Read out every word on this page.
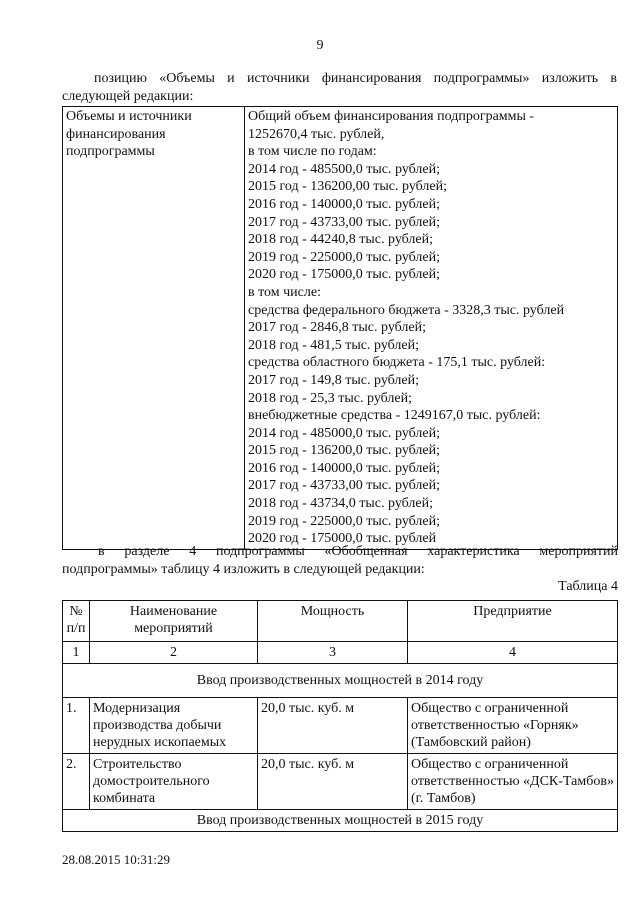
9

позицию «Объемы и источники финансирования подпрограммы» изложить в следующей редакции:

Объемы и источники финансирования подпрограммы	
Общий объем финансирования подпрограммы -
1252670,4 тыс. рублей,
в том числе по годам:
2014 год - 485500,0 тыс. рублей;
2015 год - 136200,00 тыс. рублей;
2016 год - 140000,0 тыс. рублей;
2017 год - 43733,00 тыс. рублей;
2018 год - 44240,8 тыс. рублей;
2019 год - 225000,0 тыс. рублей;
2020 год - 175000,0 тыс. рублей;
в том числе:
средства федерального бюджета - 3328,3 тыс. рублей
2017 год - 2846,8 тыс. рублей;
2018 год - 481,5 тыс. рублей;
средства областного бюджета - 175,1 тыс. рублей:
2017 год - 149,8 тыс. рублей;
2018 год - 25,3 тыс. рублей;
внебюджетные средства - 1249167,0 тыс. рублей:
2014 год - 485000,0 тыс. рублей;
2015 год - 136200,0 тыс. рублей;
2016 год - 140000,0 тыс. рублей;
2017 год - 43733,00 тыс. рублей;
2018 год - 43734,0 тыс. рублей;
2019 год - 225000,0 тыс. рублей;
2020 год - 175000,0 тыс. рублей

в разделе 4 подпрограммы «Обобщенная характеристика мероприятий подпрограммы» таблицу 4 изложить в следующей редакции:

Таблица 4
№ п/п	Наименование мероприятий	Мощность	Предприятие
1	2	3	4
Ввод производственных мощностей в 2014 году			
1.	Модернизация производства добычи нерудных ископаемых	20,0 тыс. куб. м	Общество с ограниченной ответственностью «Горняк» (Тамбовский район)
2.	Строительство домостроительного комбината	20,0 тыс. куб. м	Общество с ограниченной ответственностью «ДСК-Тамбов» (г. Тамбов)
Ввод производственных мощностей в 2015 году			
28.08.2015 10:31:29
